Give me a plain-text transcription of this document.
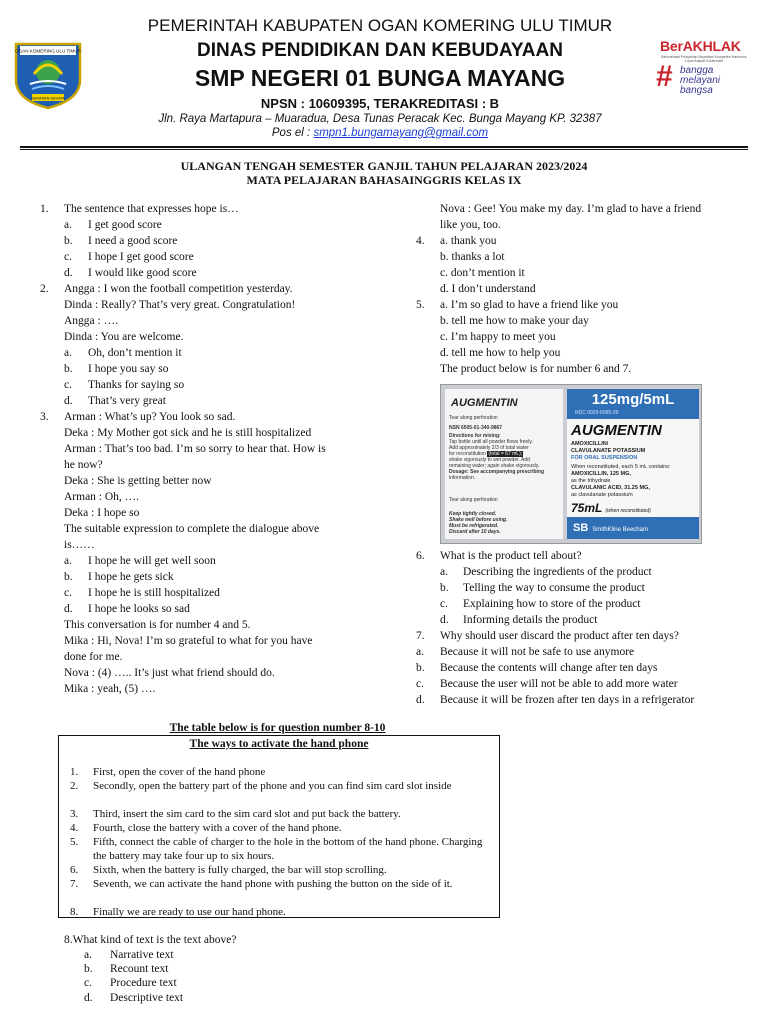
OGAN KOMERING ULU TIMUR
SERASAN SEKATA
PEMERINTAH KABUPATEN OGAN KOMERING ULU TIMUR
DINAS PENDIDIKAN DAN KEBUDAYAAN
SMP NEGERI 01 BUNGA MAYANG
NPSN : 10609395, TERAKREDITASI : B
Jln. Raya Martapura – Muaradua, Desa Tunas Peracak Kec. Bunga Mayang KP. 32387
Pos el : smpn1.bungamayang@gmail.com
BerAKHLAK
Berorientasi Pelayanan Akuntabel Kompeten Harmonis Loyal Adaptif Kolaboratif
# bangga
melayani
bangsa
ULANGAN TENGAH SEMESTER GANJIL TAHUN PELAJARAN 2023/2024
MATA PELAJARAN BAHASAINGGRIS KELAS IX
1. The sentence that expresses hope is…
a. I get good score
b. I need a good score
c. I hope I get good score
d. I would like good score
2. Angga : I won the football competition yesterday.
Dinda : Really? That’s very great. Congratulation!
Angga : ….
Dinda : You are welcome.
a. Oh, don’t mention it
b. I hope you say so
c. Thanks for saying so
d. That’s very great
3. Arman : What’s up? You look so sad.
Deka : My Mother got sick and he is still hospitalized
Arman : That’s too bad. I’m so sorry to hear that. How is
he now?
Deka : She is getting better now
Arman : Oh, ….
Deka : I hope so
The suitable expression to complete the dialogue above
is……
a. I hope he will get well soon
b. I hope he gets sick
c. I hope he is still hospitalized
d. I hope he looks so sad
This conversation is for number 4 and 5.
Mika : Hi, Nova! I’m so grateful to what for you have
done for me.
Nova : (4) ….. It’s just what friend should do.
Mika : yeah, (5) ….
Nova : Gee! You make my day. I’m glad to have a friend
like you, too.
4. a. thank you
b. thanks a lot
c. don’t mention it
d. I don’t understand
5. a. I’m so glad to have a friend like you
b. tell me how to make your day
c. I’m happy to meet you
d. tell me how to help you
The product below is for number 6 and 7.
AUGMENTIN
Tear along perforation
NSN 6505-01-340-9867
Directions for mixing:
Tap bottle until all powder flows freely.
Add approximately 2/3 of total water
for reconstitution (total = 67 mL);
shake vigorously to wet powder. Add
remaining water; again shake vigorously.
Dosage: See accompanying prescribing
information.
Tear along perforation
Keep tightly closed.
Shake well before using.
Must be refrigerated.
Discard after 10 days.
125mg/5mL
NDC 0029-6085-39
AUGMENTIN
AMOXICILLIN/
CLAVULANATE POTASSIUM
FOR ORAL SUSPENSION
When reconstituted, each 5 mL contains:
AMOXICILLIN, 125 MG,
as the trihydrate
CLAVULANIC ACID, 31.25 MG,
as clavulanate potassium
75mL (when reconstituted)
SB SmithKline Beecham
6. What is the product tell about?
a. Describing the ingredients of the product
b. Telling the way to consume the product
c. Explaining how to store of the product
d. Informing details the product
7. Why should user discard the product after ten days?
a. Because it will not be safe to use anymore
b. Because the contents will change after ten days
c. Because the user will not be able to add more water
d. Because it will be frozen after ten days in a refrigerator
The table below is for question number 8-10
The ways to activate the hand phone
1. First, open the cover of the hand phone
2. Secondly, open the battery part of the phone and you can find sim card slot inside
3. Third, insert the sim card to the sim card slot and put back the battery.
4. Fourth, close the battery with a cover of the hand phone.
5. Fifth, connect the cable of charger to the hole in the bottom of the hand phone. Charging the battery may take four up to six hours.
6. Sixth, when the battery is fully charged, the bar will stop scrolling.
7. Seventh, we can activate the hand phone with pushing the button on the side of it.
8. Finally we are ready to use our hand phone.
8.What kind of text is the text above?
a. Narrative text
b. Recount text
c. Procedure text
d. Descriptive text
